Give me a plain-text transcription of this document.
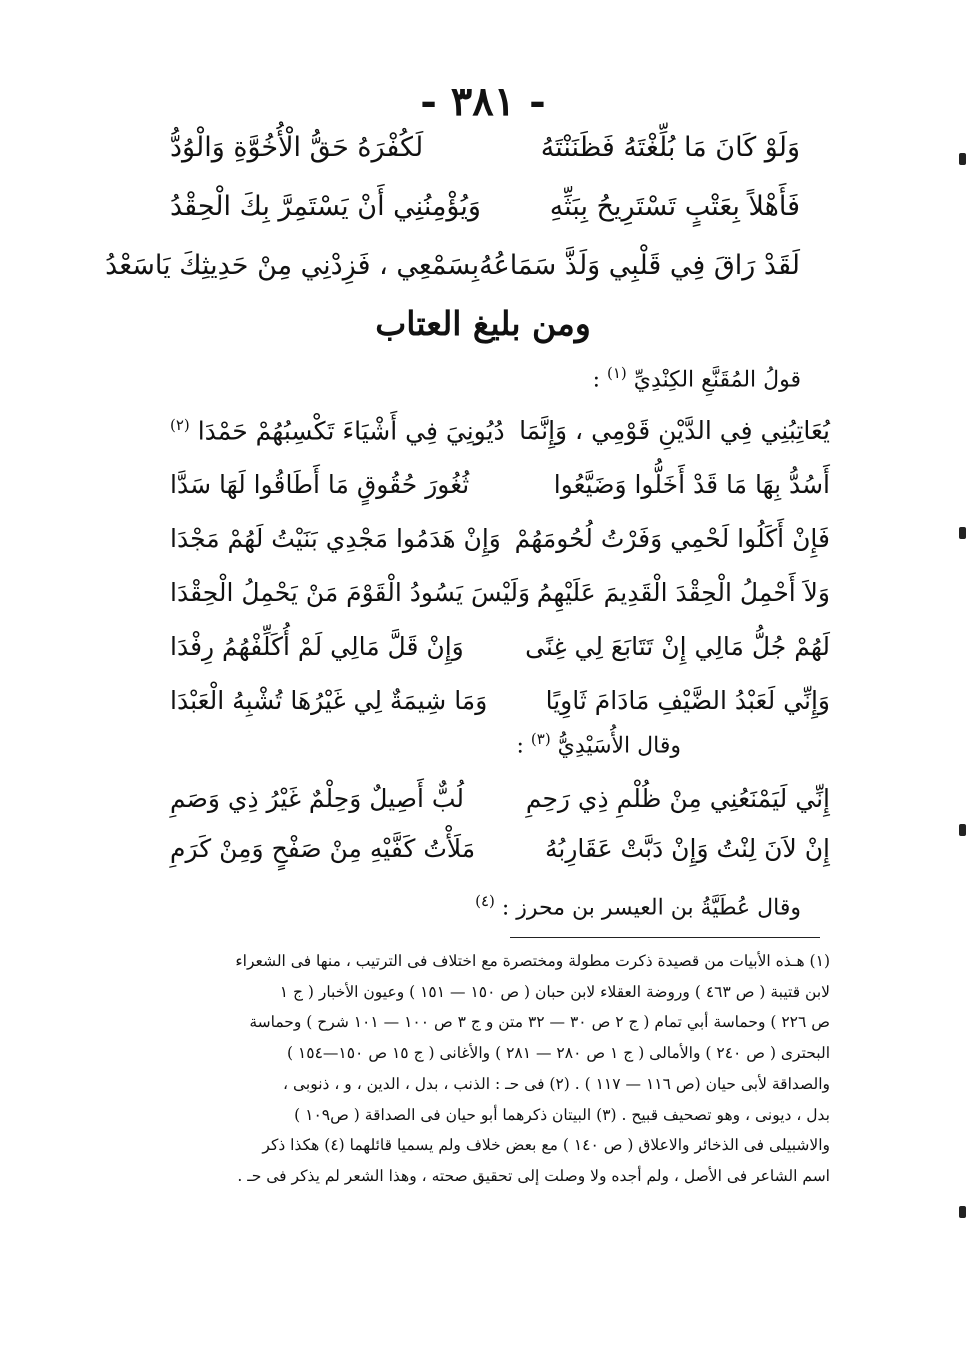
- ٣٨١ -
وَلَوْ كَانَ مَا بُلِّغْتَهُ فَظَنَنْتَهُ
لَكُفْرَهُ حَقُّ الْأُخُوَّةِ وَالْوُدُّ
فَأَهْلاً بِعَتْبٍ تَسْتَرِيحُ بِبَثِّهِ
وَيُؤْمِنُنِي أَنْ يَسْتَمِرَّ بِكَ الْحِقْدُ
لَقَدْ رَاقَ فِي قَلْبِي وَلَذَّ سَمَاعُهُ
بِسَمْعِي ، فَزِدْنِي مِنْ حَدِيثِكَ يَاسَعْدُ
ومن بليغ العتاب
قولُ المُقَنَّعِ الكِنْدِيِّ $^{(١)}$ :
يُعَاتِبُنِي فِي الدَّيْنِ قَوْمِي ، وَإِنَّمَا
دُيُونِيَ فِي أَشْيَاءَ تَكْسِبُهُمْ حَمْدَا $^{(٢)}$
أَسُدُّ بِهَا مَا قَدْ أَخَلُّوا وَضَيَّعُوا
ثُغُورَ حُقُوقٍ مَا أَطَاقُوا لَهَا سَدَّا
فَإِنْ أَكَلُوا لَحْمِي وَفَرْتُ لُحُومَهُمْ
وَإِنْ هَدَمُوا مَجْدِي بَنَيْتُ لَهُمْ مَجْدَا
وَلاَ أَحْمِلُ الْحِقْدَ الْقَدِيمَ عَلَيْهِمُ
وَلَيْسَ يَسُودُ الْقَوْمَ مَنْ يَحْمِلُ الْحِقْدَا
لَهُمْ جُلُّ مَالِي إِنْ تَتَابَعَ لِي غِنًى
وَإِنْ قَلَّ مَالِي لَمْ أُكَلِّفْهُمُ رِفْدَا
وَإِنِّي لَعَبْدُ الضَّيْفِ مَادَامَ ثَاوِيًا
وَمَا شِيمَةٌ لِي غَيْرُهَا تُشْبِهُ الْعَبْدَا
وقال الأُسَيْدِيُّ $^{(٣)}$ :
إِنِّي لَيَمْنَعُنِي مِنْ ظُلْمِ ذِي رَحِمِ
لُبٌّ أَصِيلٌ وَحِلْمٌ غَيْرُ ذِي وَصَمِ
إِنْ لاَنَ لِنْتُ وَإِنْ دَبَّتْ عَقَارِبُهُ
مَلَأْتُ كَفَّيْهِ مِنْ صَفْحٍ وَمِنْ كَرَمِ
وقال عُطَيَّةُ بن العيسر بن محرز : $^{(٤)}$
(١) هـذه الأبيات من قصيدة ذكرت مطولة ومختصرة مع اختلاف فى الترتيب ، منها فى الشعراء
لابن قتيبة ( ص ٤٦٣ ) وروضة العقلاء لابن حبان ( ص ١٥٠ — ١٥١ ) وعيون الأخبار ( ج ١
ص ٢٢٦ ) وحماسة أبي تمام ( ج ٢ ص ٣٠ — ٣٢ متن و ج ٣ ص ١٠٠ — ١٠١ شرح ) وحماسة
البحترى ( ص ٢٤٠ ) والأمالى ( ج ١ ص ٢٨٠ — ٢٨١ ) والأغانى ( ج ١٥ ص ١٥٠—١٥٤ )
والصداقة لأبى حيان (ص ١١٦ — ١١٧ ) . (٢) فى حـ : الذنب ، بدل ، الدين ، و ، ذنوبى ،
بدل ، ديونى ، وهو تصحيف قبيح . (٣) البيتان ذكرهما أبو حيان فى الصداقة ( ص١٠٩ )
والاشبيلى فى الذخائر والاعلاق ( ص ١٤٠ ) مع بعض خلاف ولم يسميا قائلهما (٤) هكذا ذكر
اسم الشاعر فى الأصل ، ولم أجده ولا وصلت إلى تحقيق صحته ، وهذا الشعر لم يذكر فى حـ .
